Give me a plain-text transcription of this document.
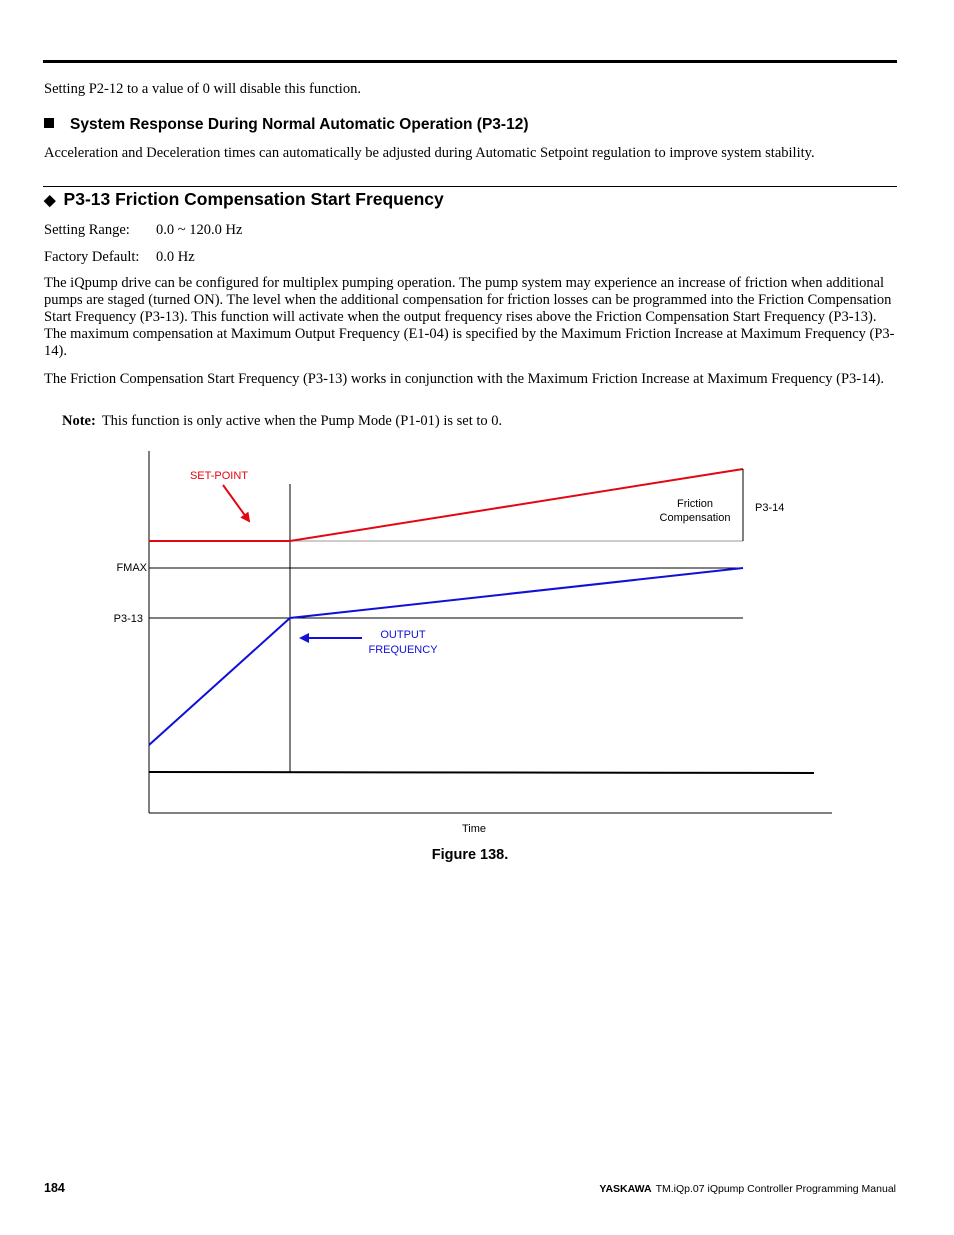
Setting P2-12 to a value of 0 will disable this function.

System Response During Normal Automatic Operation (P3-12)

Acceleration and Deceleration times can automatically be adjusted during Automatic Setpoint regulation to improve system stability.

◆ P3-13 Friction Compensation Start Frequency
Setting Range: 0.0 ~ 120.0 Hz
Factory Default: 0.0 Hz

The iQpump drive can be configured for multiplex pumping operation. The pump system may experience an increase of friction when additional pumps are staged (turned ON). The level when the additional compensation for friction losses can be programmed into the Friction Compensation Start Frequency (P3-13). This function will activate when the output frequency rises above the Friction Compensation Start Frequency (P3-13). The maximum compensation at Maximum Output Frequency (E1-04) is specified by the Maximum Friction Increase at Maximum Frequency (P3-14).

The Friction Compensation Start Frequency (P3-13) works in conjunction with the Maximum Friction Increase at Maximum Frequency (P3-14).

Note: This function is only active when the Pump Mode (P1-01) is set to 0.
SET-POINT
Friction
Compensation
P3-14
FMAX
P3-13
OUTPUT
FREQUENCY
Time
Figure 138.
184	YASKAWA TM.iQp.07 iQpump Controller Programming Manual
